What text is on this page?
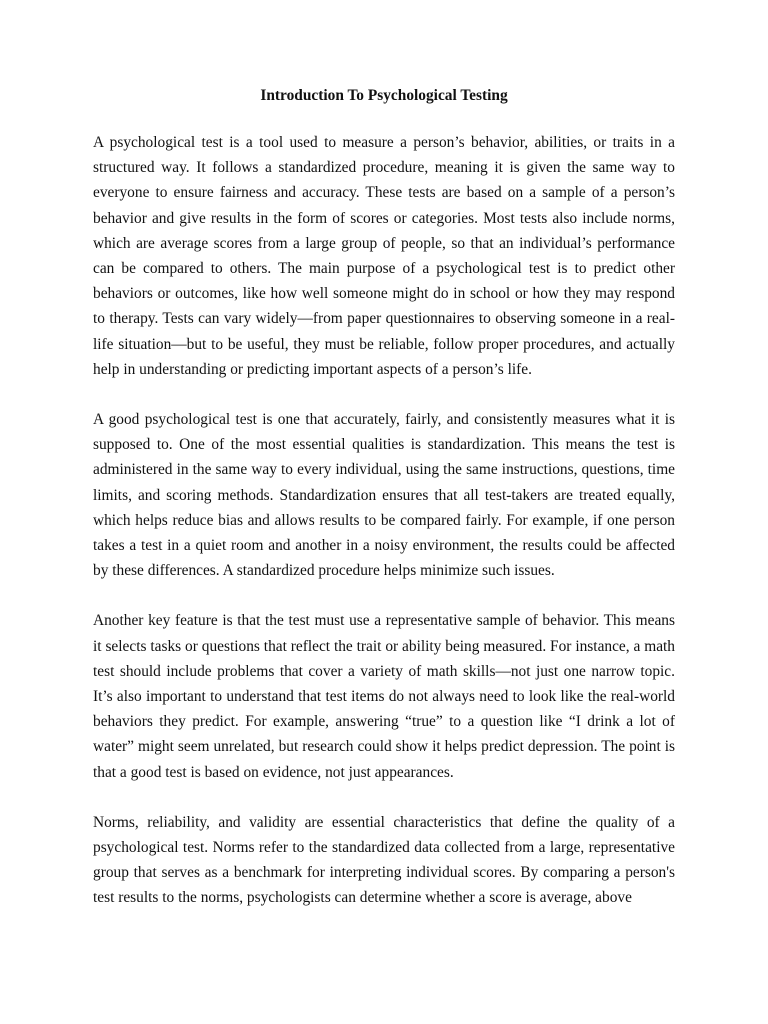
Introduction To Psychological Testing

A psychological test is a tool used to measure a person’s behavior, abilities, or traits in a structured way. It follows a standardized procedure, meaning it is given the same way to everyone to ensure fairness and accuracy. These tests are based on a sample of a person’s behavior and give results in the form of scores or categories. Most tests also include norms, which are average scores from a large group of people, so that an individual’s performance can be compared to others. The main purpose of a psychological test is to predict other behaviors or outcomes, like how well someone might do in school or how they may respond to therapy. Tests can vary widely—from paper questionnaires to observing someone in a real-life situation—but to be useful, they must be reliable, follow proper procedures, and actually help in understanding or predicting important aspects of a person’s life.

A good psychological test is one that accurately, fairly, and consistently measures what it is supposed to. One of the most essential qualities is standardization. This means the test is administered in the same way to every individual, using the same instructions, questions, time limits, and scoring methods. Standardization ensures that all test-takers are treated equally, which helps reduce bias and allows results to be compared fairly. For example, if one person takes a test in a quiet room and another in a noisy environment, the results could be affected by these differences. A standardized procedure helps minimize such issues.

Another key feature is that the test must use a representative sample of behavior. This means it selects tasks or questions that reflect the trait or ability being measured. For instance, a math test should include problems that cover a variety of math skills—not just one narrow topic. It’s also important to understand that test items do not always need to look like the real-world behaviors they predict. For example, answering “true” to a question like “I drink a lot of water” might seem unrelated, but research could show it helps predict depression. The point is that a good test is based on evidence, not just appearances.

Norms, reliability, and validity are essential characteristics that define the quality of a psychological test. Norms refer to the standardized data collected from a large, representative group that serves as a benchmark for interpreting individual scores. By comparing a person's test results to the norms, psychologists can determine whether a score is average, above
